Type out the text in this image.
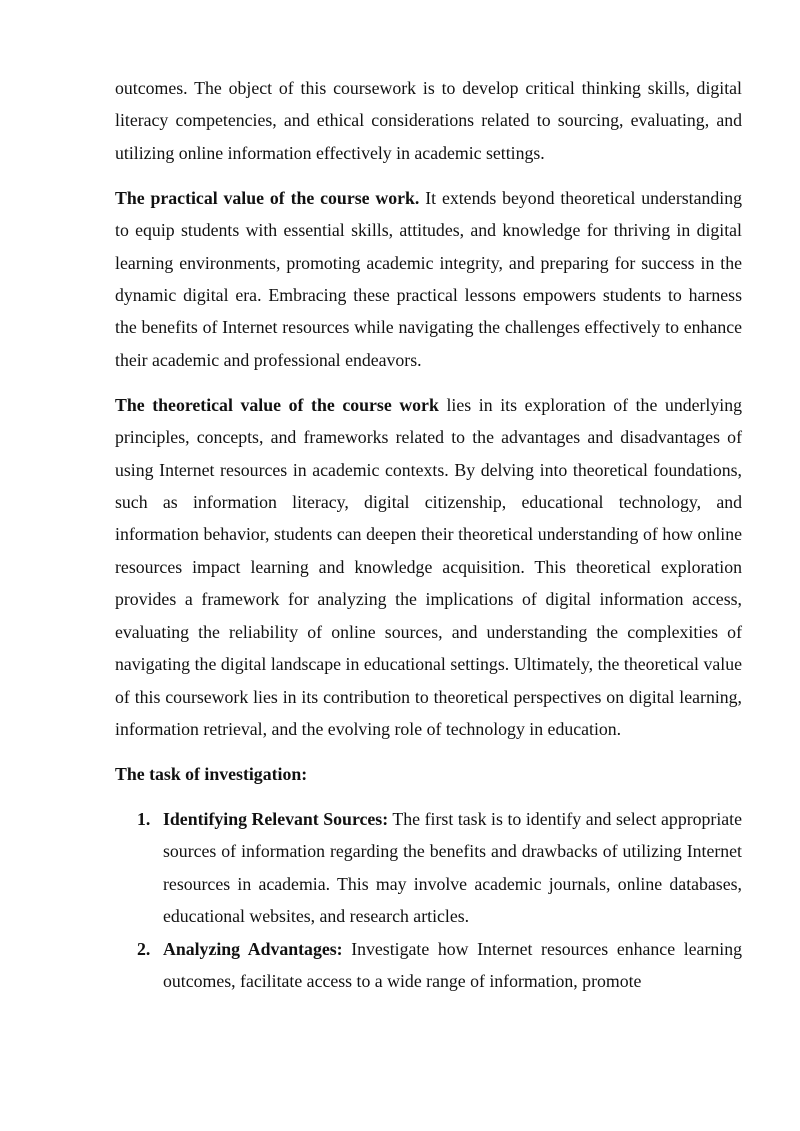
outcomes. The object of this coursework is to develop critical thinking skills, digital literacy competencies, and ethical considerations related to sourcing, evaluating, and utilizing online information effectively in academic settings.

The practical value of the course work. It extends beyond theoretical understanding to equip students with essential skills, attitudes, and knowledge for thriving in digital learning environments, promoting academic integrity, and preparing for success in the dynamic digital era. Embracing these practical lessons empowers students to harness the benefits of Internet resources while navigating the challenges effectively to enhance their academic and professional endeavors.

The theoretical value of the course work lies in its exploration of the underlying principles, concepts, and frameworks related to the advantages and disadvantages of using Internet resources in academic contexts. By delving into theoretical foundations, such as information literacy, digital citizenship, educational technology, and information behavior, students can deepen their theoretical understanding of how online resources impact learning and knowledge acquisition. This theoretical exploration provides a framework for analyzing the implications of digital information access, evaluating the reliability of online sources, and understanding the complexities of navigating the digital landscape in educational settings. Ultimately, the theoretical value of this coursework lies in its contribution to theoretical perspectives on digital learning, information retrieval, and the evolving role of technology in education.

The task of investigation:
1. Identifying Relevant Sources: The first task is to identify and select appropriate sources of information regarding the benefits and drawbacks of utilizing Internet resources in academia. This may involve academic journals, online databases, educational websites, and research articles.
2. Analyzing Advantages: Investigate how Internet resources enhance learning outcomes, facilitate access to a wide range of information, promote
